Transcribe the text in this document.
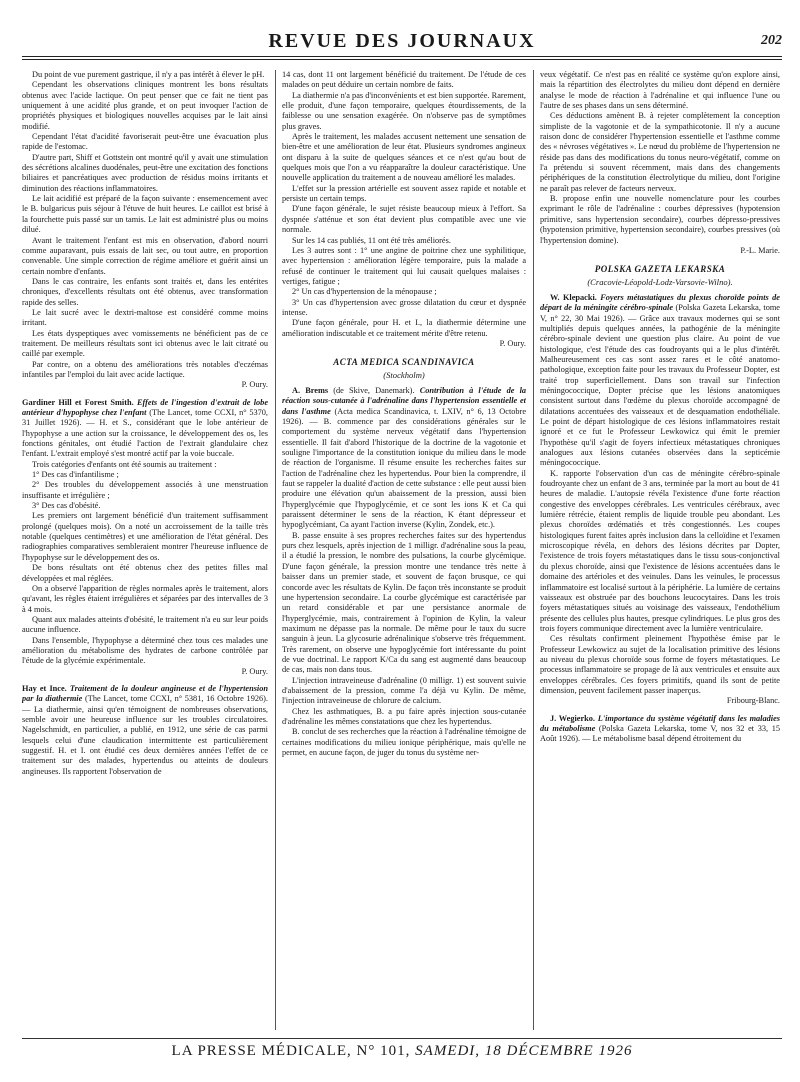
REVUE DES JOURNAUX	202

Du point de vue purement gastrique, il n'y a pas intérêt à élever le pH.

Cependant les observations cliniques montrent les bons résultats obtenus avec l'acide lactique. On peut penser que ce fait ne tient pas uniquement à une acidité plus grande, et on peut invoquer l'action de propriétés physiques et biologiques nouvelles acquises par le lait ainsi modifié.

Cependant l'état d'acidité favoriserait peut-être une évacuation plus rapide de l'estomac.

D'autre part, Shiff et Gottstein ont montré qu'il y avait une stimulation des sécrétions alcalines duodénales, peut-être une excitation des fonctions biliaires et pancréatiques avec production de résidus moins irritants et diminution des réactions inflammatoires.

Le lait acidifié est préparé de la façon suivante : ensemencement avec le B. bulgaricus puis séjour à l'étuve de huit heures. Le caillot est brisé à la fourchette puis passé sur un tamis. Le lait est administré plus ou moins dilué.

Avant le traitement l'enfant est mis en observation, d'abord nourri comme auparavant, puis essais de lait sec, ou tout autre, en proportion convenable. Une simple correction de régime améliore et guérit ainsi un certain nombre d'enfants.

Dans le cas contraire, les enfants sont traités et, dans les entérites chroniques, d'excellents résultats ont été obtenus, avec transformation rapide des selles.

Le lait sucré avec le dextri-maltose est considéré comme moins irritant.

Les états dyspeptiques avec vomissements ne bénéficient pas de ce traitement. De meilleurs résultats sont ici obtenus avec le lait citraté ou caillé par exemple.

Par contre, on a obtenu des améliorations très notables d'eczémas infantiles par l'emploi du lait avec acide lactique.

P. Oury.

Gardiner Hill et Forest Smith. Effets de l'ingestion d'extrait de lobe antérieur d'hypophyse chez l'enfant (The Lancet, tome CCXI, n° 5370, 31 Juillet 1926). — H. et S., considérant que le lobe antérieur de l'hypophyse a une action sur la croissance, le développement des os, les fonctions génitales, ont étudié l'action de l'extrait glandulaire chez l'enfant. L'extrait employé s'est montré actif par la voie buccale.

Trois catégories d'enfants ont été soumis au traitement :

1° Des cas d'infantilisme ;

2° Des troubles du développement associés à une menstruation insuffisante et irrégulière ;

3° Des cas d'obésité.

Les premiers ont largement bénéficié d'un traitement suffisamment prolongé (quelques mois). On a noté un accroissement de la taille très notable (quelques centimètres) et une amélioration de l'état général. Des radiographies comparatives sembleraient montrer l'heureuse influence de l'hypophyse sur le développement des os.

De bons résultats ont été obtenus chez des petites filles mal développées et mal réglées.

On a observé l'apparition de règles normales après le traitement, alors qu'avant, les règles étaient irrégulières et séparées par des intervalles de 3 à 4 mois.

Quant aux malades atteints d'obésité, le traitement n'a eu sur leur poids aucune influence.

Dans l'ensemble, l'hypophyse a déterminé chez tous ces malades une amélioration du métabolisme des hydrates de carbone contrôlée par l'étude de la glycémie expérimentale.

P. Oury.

Hay et Ince. Traitement de la douleur angineuse et de l'hypertension par la diathermie (The Lancet, tome CCXI, n° 5381, 16 Octobre 1926). — La diathermie, ainsi qu'en témoignent de nombreuses observations, semble avoir une heureuse influence sur les troubles circulatoires. Nagelschmidt, en particulier, a publié, en 1912, une série de cas parmi lesquels celui d'une claudication intermittente est particulièrement suggestif. H. et I. ont étudié ces deux dernières années l'effet de ce traitement sur des malades, hypertendus ou atteints de douleurs angineuses. Ils rapportent l'observation de

14 cas, dont 11 ont largement bénéficié du traitement. De l'étude de ces malades on peut déduire un certain nombre de faits.

La diathermie n'a pas d'inconvénients et est bien supportée. Rarement, elle produit, d'une façon temporaire, quelques étourdissements, de la faiblesse ou une sensation exagérée. On n'observe pas de symptômes plus graves.

Après le traitement, les malades accusent nettement une sensation de bien-être et une amélioration de leur état. Plusieurs syndromes angineux ont disparu à la suite de quelques séances et ce n'est qu'au bout de quelques mois que l'on a vu réapparaître la douleur caractéristique. Une nouvelle application du traitement a de nouveau amélioré les malades.

L'effet sur la pression artérielle est souvent assez rapide et notable et persiste un certain temps.

D'une façon générale, le sujet résiste beaucoup mieux à l'effort. Sa dyspnée s'atténue et son état devient plus compatible avec une vie normale.

Sur les 14 cas publiés, 11 ont été très améliorés.

Les 3 autres sont : 1° une angine de poitrine chez une syphilitique, avec hypertension : amélioration légère temporaire, puis la malade a refusé de continuer le traitement qui lui causait quelques malaises : vertiges, fatigue ;

2° Un cas d'hypertension de la ménopause ;

3° Un cas d'hypertension avec grosse dilatation du cœur et dyspnée intense.

D'une façon générale, pour H. et I., la diathermie détermine une amélioration indiscutable et ce traitement mérite d'être retenu.

P. Oury.
ACTA MEDICA SCANDINAVICA
(Stockholm)

A. Brems (de Skive, Danemark). Contribution à l'étude de la réaction sous-cutanée à l'adrénaline dans l'hypertension essentielle et dans l'asthme (Acta medica Scandinavica, t. LXIV, n° 6, 13 Octobre 1926). — B. commence par des considérations générales sur le comportement du système nerveux végétatif dans l'hypertension essentielle. Il fait d'abord l'historique de la doctrine de la vagotonie et souligne l'importance de la constitution ionique du milieu dans le mode de réaction de l'organisme. Il résume ensuite les recherches faites sur l'action de l'adrénaline chez les hypertendus. Pour bien la comprendre, il faut se rappeler la dualité d'action de cette substance : elle peut aussi bien produire une élévation qu'un abaissement de la pression, aussi bien l'hyperglycémie que l'hypoglycémie, et ce sont les ions K et Ca qui paraissent déterminer le sens de la réaction, K étant dépresseur et hypoglycémiant, Ca ayant l'action inverse (Kylin, Zondek, etc.).

B. passe ensuite à ses propres recherches faites sur des hypertendus purs chez lesquels, après injection de 1 milligr. d'adrénaline sous la peau, il a étudié la pression, le nombre des pulsations, la courbe glycémique. D'une façon générale, la pression montre une tendance très nette à baisser dans un premier stade, et souvent de façon brusque, ce qui concorde avec les résultats de Kylin. De façon très inconstante se produit une hypertension secondaire. La courbe glycémique est caractérisée par un retard considérable et par une persistance anormale de l'hyperglycémie, mais, contrairement à l'opinion de Kylin, la valeur maximum ne dépasse pas la normale. De même pour le taux du sucre sanguin à jeun. La glycosurie adrénalinique s'observe très fréquemment. Très rarement, on observe une hypoglycémie fort intéressante du point de vue doctrinal. Le rapport K/Ca du sang est augmenté dans beaucoup de cas, mais non dans tous.

L'injection intraveineuse d'adrénaline (0 milligr. 1) est souvent suivie d'abaissement de la pression, comme l'a déjà vu Kylin. De même, l'injection intraveineuse de chlorure de calcium.

Chez les asthmatiques, B. a pu faire après injection sous-cutanée d'adrénaline les mêmes constatations que chez les hypertendus.

B. conclut de ses recherches que la réaction à l'adrénaline témoigne de certaines modifications du milieu ionique périphérique, mais qu'elle ne permet, en aucune façon, de juger du tonus du système ner-

veux végétatif. Ce n'est pas en réalité ce système qu'on explore ainsi, mais la répartition des électrolytes du milieu dont dépend en dernière analyse le mode de réaction à l'adrénaline et qui influence l'une ou l'autre de ses phases dans un sens déterminé.

Ces déductions amènent B. à rejeter complètement la conception simpliste de la vagotonie et de la sympathicotonie. Il n'y a aucune raison donc de considérer l'hypertension essentielle et l'asthme comme des « névroses végétatives ». Le nœud du problème de l'hypertension ne réside pas dans des modifications du tonus neuro-végétatif, comme on l'a prétendu si souvent récemment, mais dans des changements périphériques de la constitution électrolytique du milieu, dont l'origine ne paraît pas relever de facteurs nerveux.

B. propose enfin une nouvelle nomenclature pour les courbes exprimant le rôle de l'adrénaline : courbes dépressives (hypotension primitive, sans hypertension secondaire), courbes dépresso-pressives (hypotension primitive, hypertension secondaire), courbes pressives (où l'hypertension domine).

P.-L. Marie.
POLSKA GAZETA LEKARSKA
(Cracovie-Léopold-Lodz-Varsovie-Wilno).

W. Klepacki. Foyers métastatiques du plexus choroïde points de départ de la méningite cérébro-spinale (Polska Gazeta Lekarska, tome V, n° 22, 30 Mai 1926). — Grâce aux travaux modernes qui se sont multipliés depuis quelques années, la pathogénie de la méningite cérébro-spinale devient une question plus claire. Au point de vue histologique, c'est l'étude des cas foudroyants qui a le plus d'intérêt. Malheureusement ces cas sont assez rares et le côté anatomo-pathologique, exception faite pour les travaux du Professeur Dopter, est traité trop superficiellement. Dans son travail sur l'infection méningococcique, Dopter précise que les lésions anatomiques consistent surtout dans l'œdème du plexus choroïde accompagné de dilatations accentuées des vaisseaux et de desquamation endothéliale. Le point de départ histologique de ces lésions inflammatoires restait ignoré et ce fut le Professeur Lewkowicz qui émit le premier l'hypothèse qu'il s'agit de foyers infectieux métastatiques chroniques analogues aux lésions cutanées observées dans la septicémie méningococcique.

K. rapporte l'observation d'un cas de méningite cérébro-spinale foudroyante chez un enfant de 3 ans, terminée par la mort au bout de 41 heures de maladie. L'autopsie révéla l'existence d'une forte réaction congestive des enveloppes cérébrales. Les ventricules cérébraux, avec lumière rétrécie, étaient remplis de liquide trouble peu abondant. Les plexus choroïdes œdématiés et très congestionnés. Les coupes histologiques furent faites après inclusion dans la celloïdine et l'examen microscopique révéla, en dehors des lésions décrites par Dopter, l'existence de trois foyers métastatiques dans le tissu sous-conjonctival du plexus choroïde, ainsi que l'existence de lésions accentuées dans le domaine des artérioles et des veinules. Dans les veinules, le processus inflammatoire est localisé surtout à la périphérie. La lumière de certains vaisseaux est obstruée par des bouchons leucocytaires. Dans les trois foyers métastatiques situés au voisinage des vaisseaux, l'endothélium présente des cellules plus hautes, presque cylindriques. Le plus gros des trois foyers communique directement avec la lumière ventriculaire.

Ces résultats confirment pleinement l'hypothèse émise par le Professeur Lewkowicz au sujet de la localisation primitive des lésions au niveau du plexus choroïde sous forme de foyers métastatiques. Le processus inflammatoire se propage de là aux ventricules et ensuite aux enveloppes cérébrales. Ces foyers primitifs, quand ils sont de petite dimension, peuvent facilement passer inaperçus.

Fribourg-Blanc.

J. Wegierko. L'importance du système végétatif dans les maladies du métabolisme (Polska Gazeta Lekarska, tome V, nos 32 et 33, 15 Août 1926). — Le métabolisme basal dépend étroitement du

LA PRESSE MÉDICALE, N° 101, SAMEDI, 18 DÉCEMBRE 1926
